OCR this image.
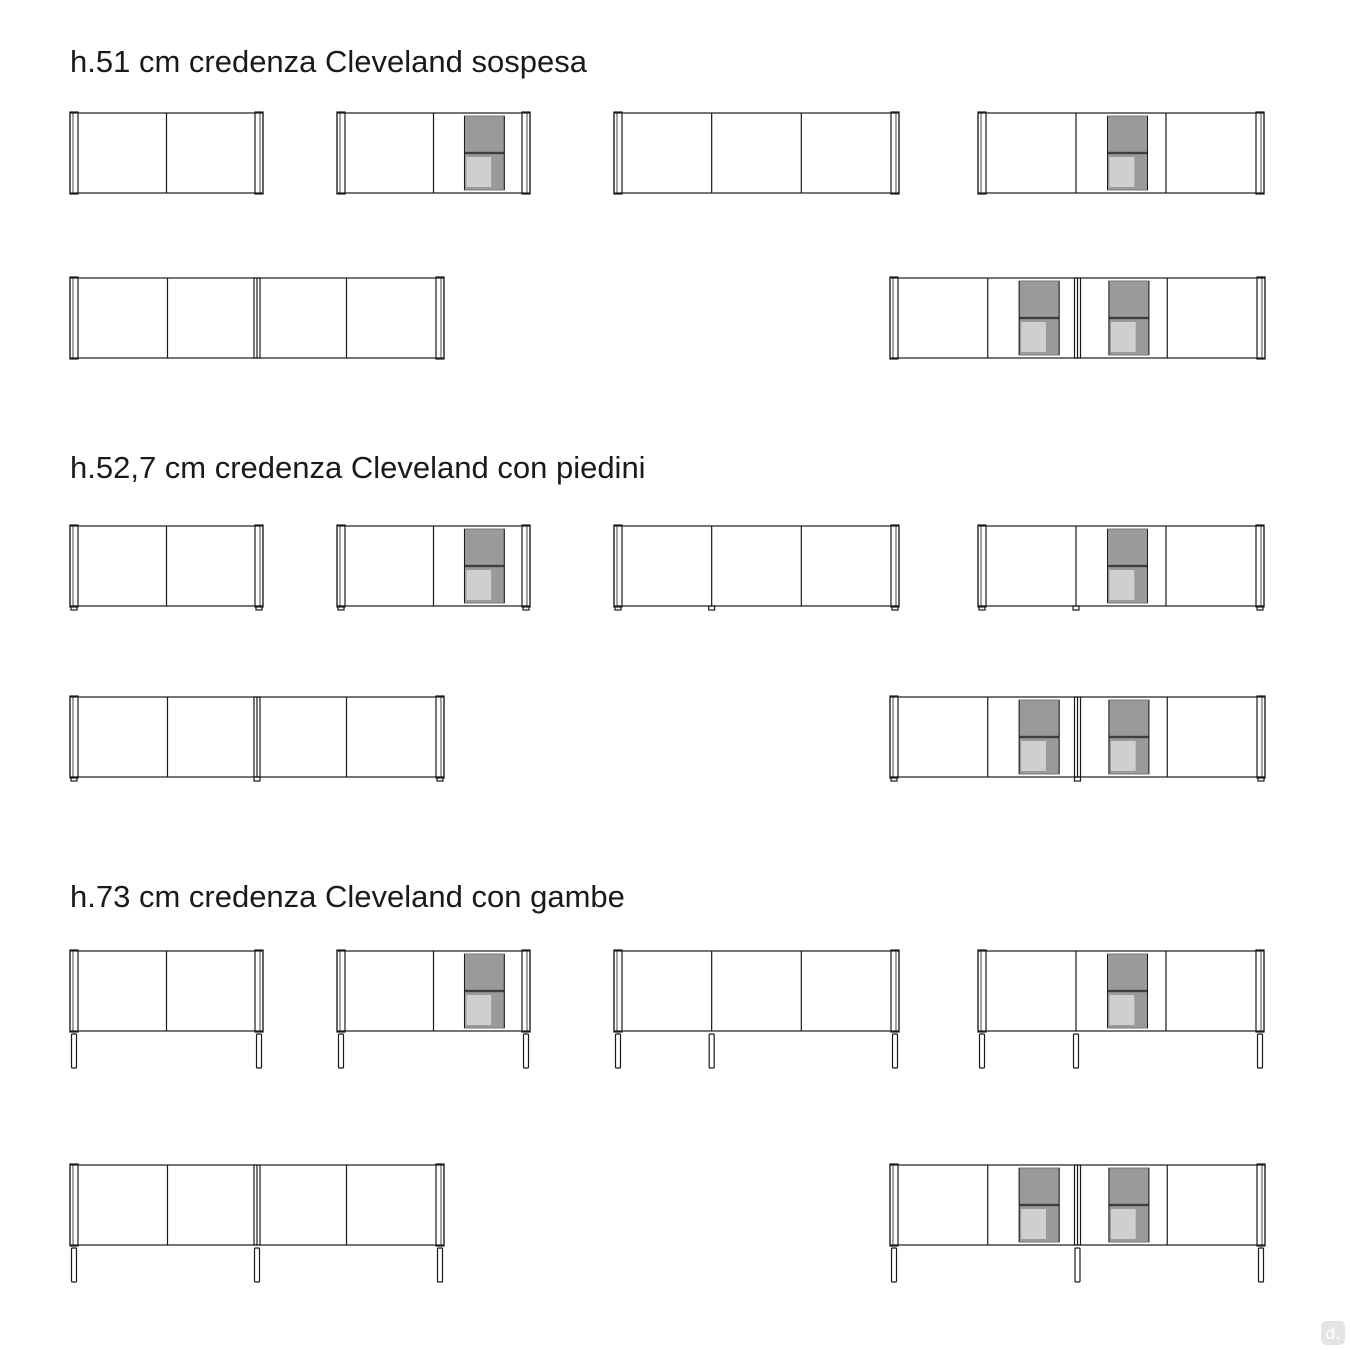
h.51 cm credenza Cleveland sospesa
h.52,7 cm credenza Cleveland con piedini
h.73 cm credenza Cleveland con gambe
d.
